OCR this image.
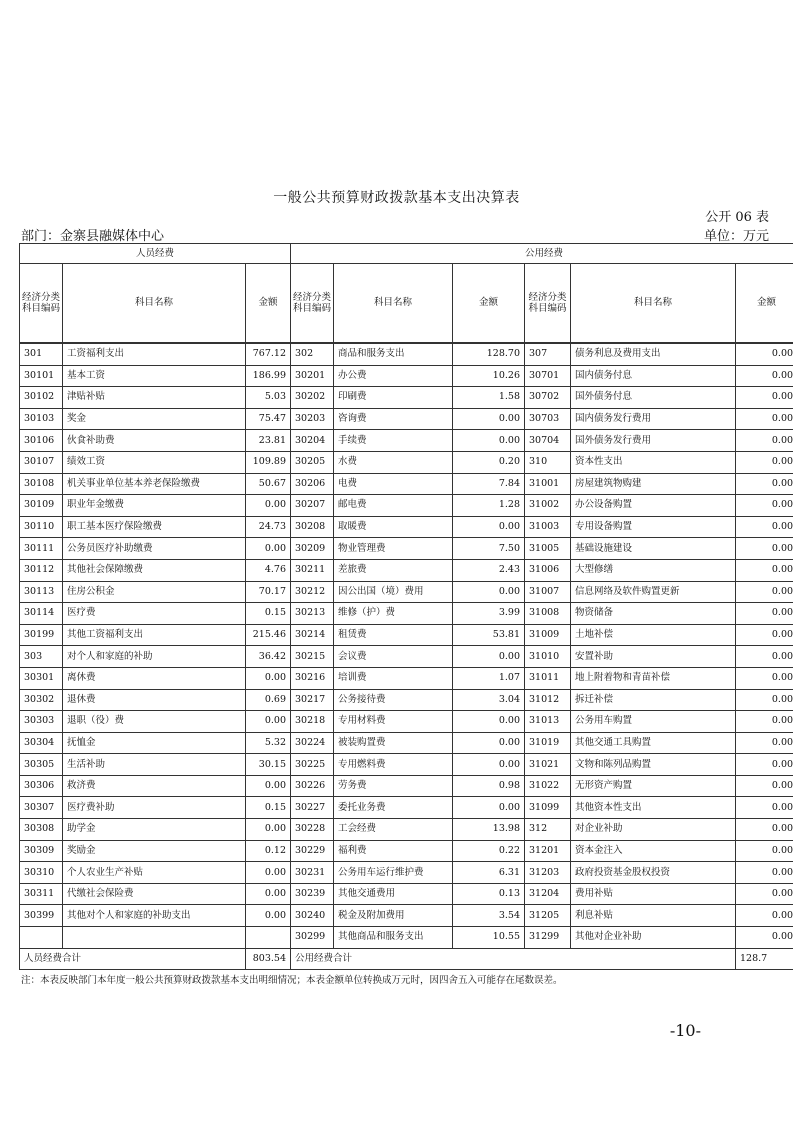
一般公共预算财政拨款基本支出决算表
公开 06 表
部门：金寨县融媒体中心	单位：万元
人员经费			公用经费					
经济分类科目编码	科目名称	金额	经济分类科目编码	科目名称	金额	经济分类科目编码	科目名称	金额
301	工资福利支出	767.12	302	商品和服务支出	128.70	307	债务利息及费用支出	0.00
30101	基本工资	186.99	30201	办公费	10.26	30701	国内债务付息	0.00
30102	津贴补贴	5.03	30202	印刷费	1.58	30702	国外债务付息	0.00
30103	奖金	75.47	30203	咨询费	0.00	30703	国内债务发行费用	0.00
30106	伙食补助费	23.81	30204	手续费	0.00	30704	国外债务发行费用	0.00
30107	绩效工资	109.89	30205	水费	0.20	310	资本性支出	0.00
30108	机关事业单位基本养老保险缴费	50.67	30206	电费	7.84	31001	房屋建筑物购建	0.00
30109	职业年金缴费	0.00	30207	邮电费	1.28	31002	办公设备购置	0.00
30110	职工基本医疗保险缴费	24.73	30208	取暖费	0.00	31003	专用设备购置	0.00
30111	公务员医疗补助缴费	0.00	30209	物业管理费	7.50	31005	基础设施建设	0.00
30112	其他社会保障缴费	4.76	30211	差旅费	2.43	31006	大型修缮	0.00
30113	住房公积金	70.17	30212	因公出国（境）费用	0.00	31007	信息网络及软件购置更新	0.00
30114	医疗费	0.15	30213	维修（护）费	3.99	31008	物资储备	0.00
30199	其他工资福利支出	215.46	30214	租赁费	53.81	31009	土地补偿	0.00
303	对个人和家庭的补助	36.42	30215	会议费	0.00	31010	安置补助	0.00
30301	离休费	0.00	30216	培训费	1.07	31011	地上附着物和青苗补偿	0.00
30302	退休费	0.69	30217	公务接待费	3.04	31012	拆迁补偿	0.00
30303	退职（役）费	0.00	30218	专用材料费	0.00	31013	公务用车购置	0.00
30304	抚恤金	5.32	30224	被装购置费	0.00	31019	其他交通工具购置	0.00
30305	生活补助	30.15	30225	专用燃料费	0.00	31021	文物和陈列品购置	0.00
30306	救济费	0.00	30226	劳务费	0.98	31022	无形资产购置	0.00
30307	医疗费补助	0.15	30227	委托业务费	0.00	31099	其他资本性支出	0.00
30308	助学金	0.00	30228	工会经费	13.98	312	对企业补助	0.00
30309	奖励金	0.12	30229	福利费	0.22	31201	资本金注入	0.00
30310	个人农业生产补贴	0.00	30231	公务用车运行维护费	6.31	31203	政府投资基金股权投资	0.00
30311	代缴社会保险费	0.00	30239	其他交通费用	0.13	31204	费用补贴	0.00
30399	其他对个人和家庭的补助支出	0.00	30240	税金及附加费用	3.54	31205	利息补贴	0.00
			30299	其他商品和服务支出	10.55	31299	其他对企业补助	0.00
人员经费合计		803.54	公用经费合计					128.7
注：本表反映部门本年度一般公共预算财政拨款基本支出明细情况；本表金额单位转换成万元时，因四舍五入可能存在尾数误差。
-10-
